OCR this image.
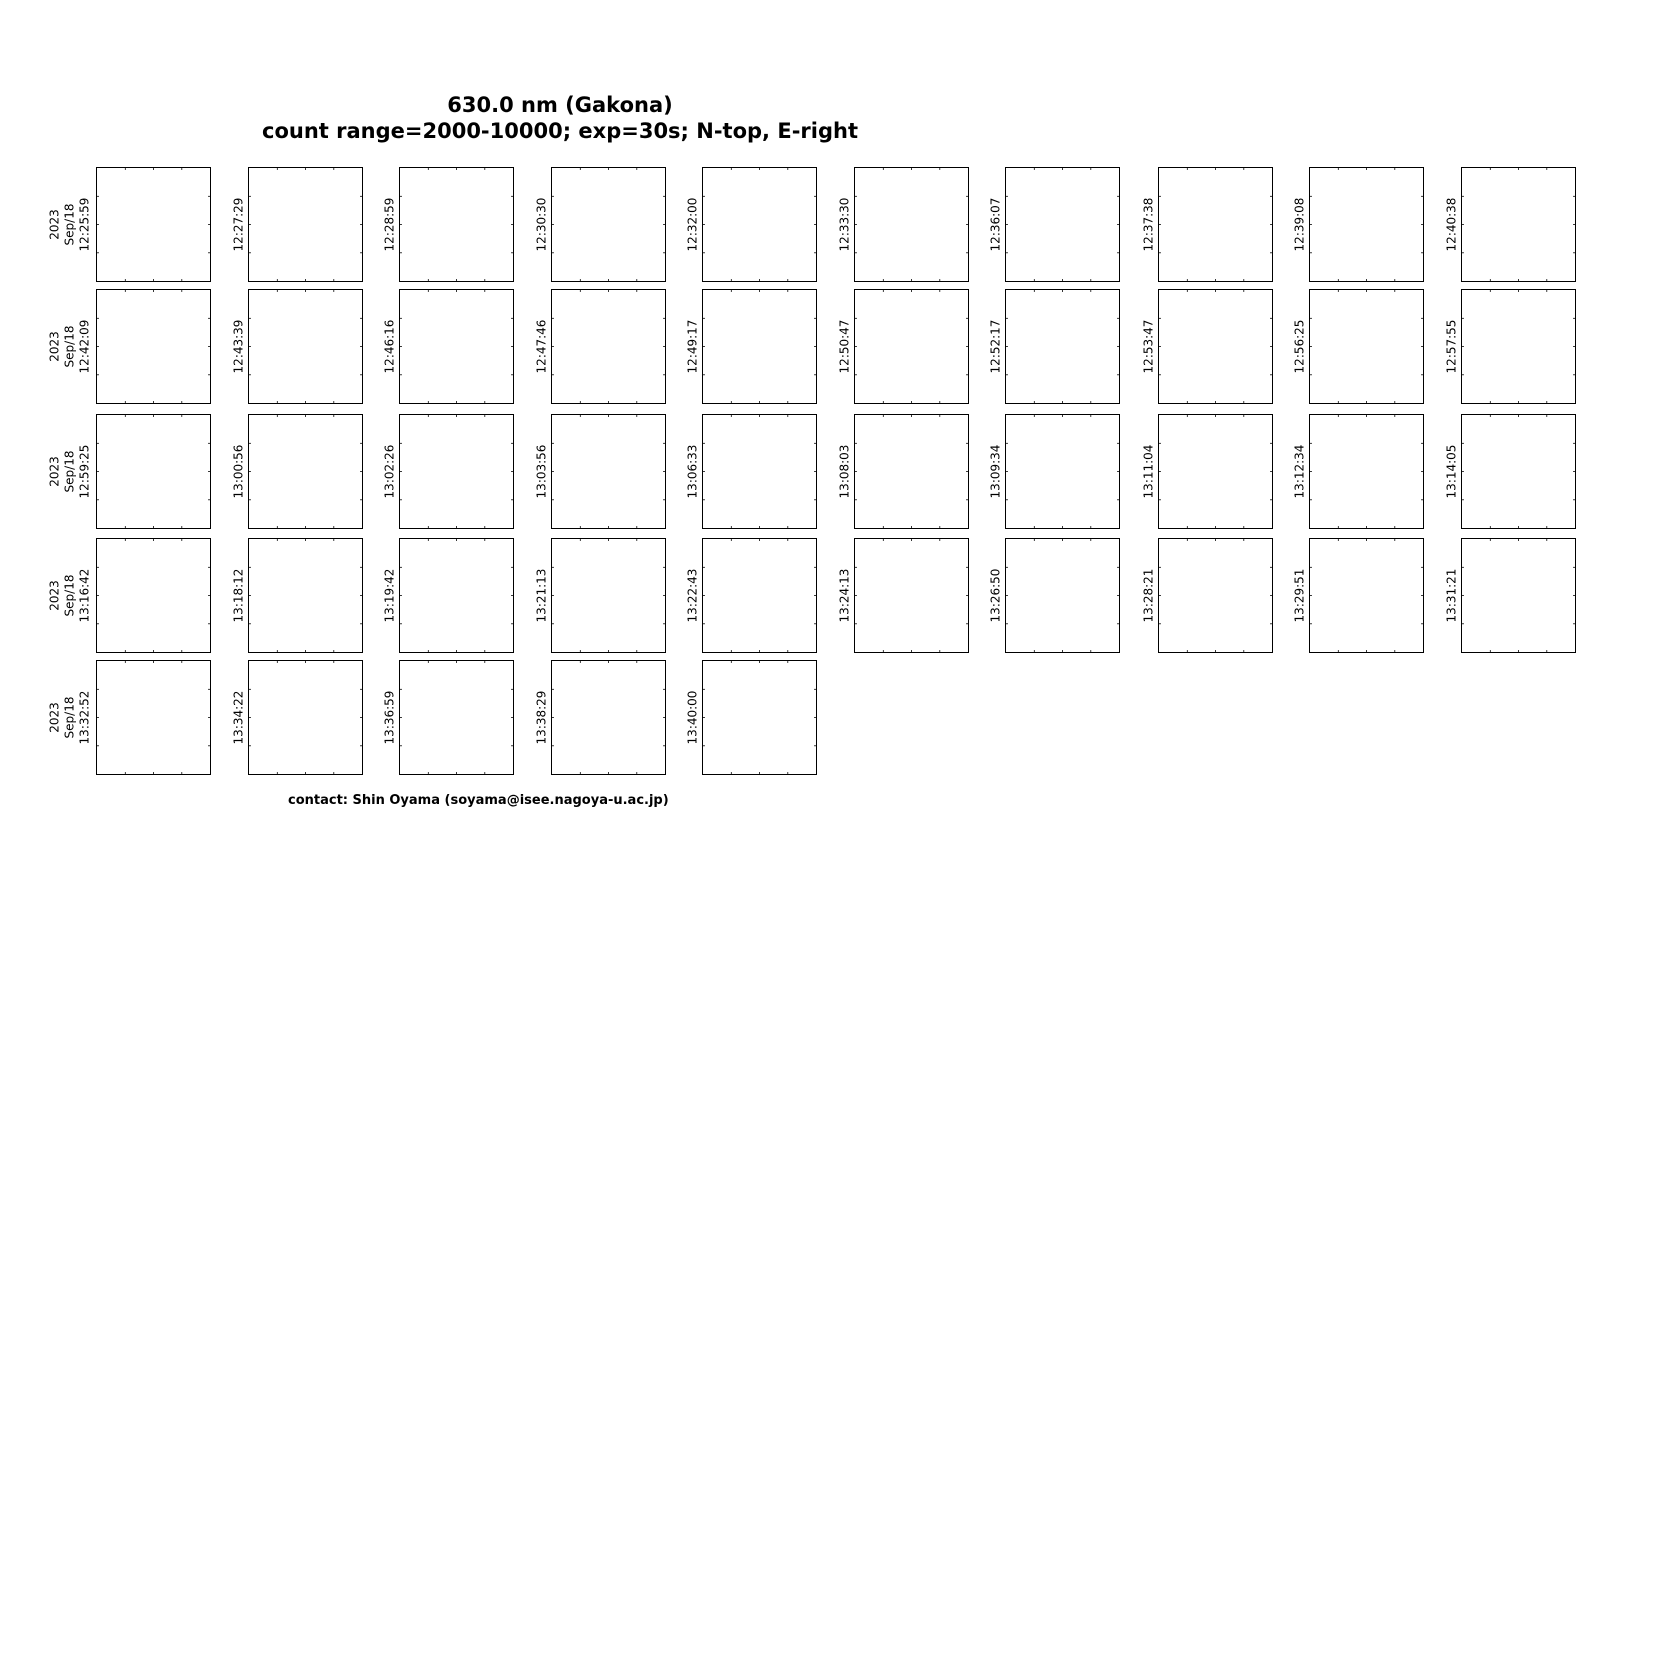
630.0 nm (Gakona)
count range=2000-10000; exp=30s; N-top, E-right
2023 Sep/18 12:25:59	12:27:29	12:28:59	12:30:30	12:32:00	12:33:30	12:36:07	12:37:38	12:39:08	12:40:38
2023 Sep/18 12:42:09	12:43:39	12:46:16	12:47:46	12:49:17	12:50:47	12:52:17	12:53:47	12:56:25	12:57:55
2023 Sep/18 12:59:25	13:00:56	13:02:26	13:03:56	13:06:33	13:08:03	13:09:34	13:11:04	13:12:34	13:14:05
2023 Sep/18 13:16:42	13:18:12	13:19:42	13:21:13	13:22:43	13:24:13	13:26:50	13:28:21	13:29:51	13:31:21
2023 Sep/18 13:32:52	13:34:22	13:36:59	13:38:29	13:40:00
contact: Shin Oyama (soyama@isee.nagoya-u.ac.jp)
